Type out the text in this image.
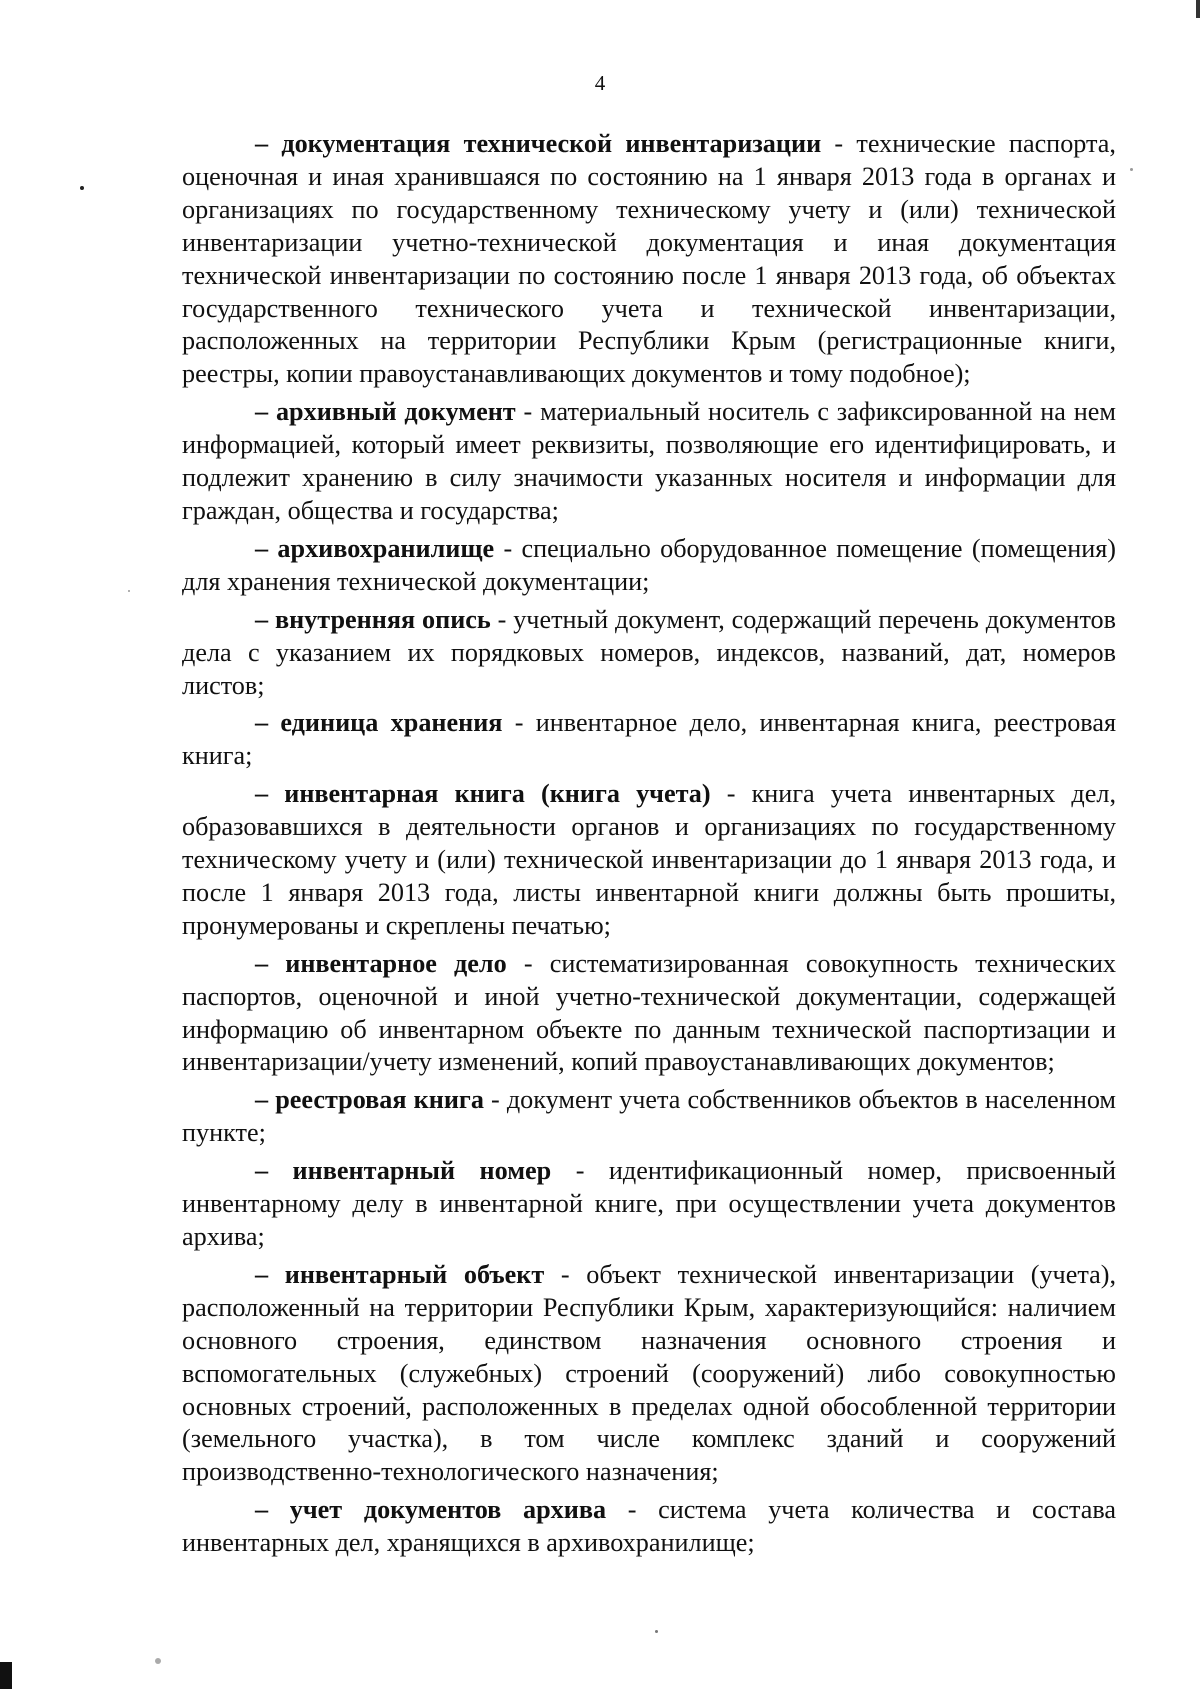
4

– документация технической инвентаризации - технические паспорта, оценочная и иная хранившаяся по состоянию на 1 января 2013 года в органах и организациях по государственному техническому учету и (или) технической инвентаризации учетно-технической документация и иная документация технической инвентаризации по состоянию после 1 января 2013 года, об объектах государственного технического учета и технической инвентаризации, расположенных на территории Республики Крым (регистрационные книги, реестры, копии правоустанавливающих документов и тому подобное);

– архивный документ - материальный носитель с зафиксированной на нем информацией, который имеет реквизиты, позволяющие его идентифицировать, и подлежит хранению в силу значимости указанных носителя и информации для граждан, общества и государства;

– архивохранилище - специально оборудованное помещение (помещения) для хранения технической документации;

– внутренняя опись - учетный документ, содержащий перечень документов дела с указанием их порядковых номеров, индексов, названий, дат, номеров листов;

– единица хранения - инвентарное дело, инвентарная книга, реестровая книга;

– инвентарная книга (книга учета) - книга учета инвентарных дел, образовавшихся в деятельности органов и организациях по государственному техническому учету и (или) технической инвентаризации до 1 января 2013 года, и после 1 января 2013 года, листы инвентарной книги должны быть прошиты, пронумерованы и скреплены печатью;

– инвентарное дело - систематизированная совокупность технических паспортов, оценочной и иной учетно-технической документации, содержащей информацию об инвентарном объекте по данным технической паспортизации и инвентаризации/учету изменений, копий правоустанавливающих документов;

– реестровая книга - документ учета собственников объектов в населенном пункте;

– инвентарный номер - идентификационный номер, присвоенный инвентарному делу в инвентарной книге, при осуществлении учета документов архива;

– инвентарный объект - объект технической инвентаризации (учета), расположенный на территории Республики Крым, характеризующийся: наличием основного строения, единством назначения основного строения и вспомогательных (служебных) строений (сооружений) либо совокупностью основных строений, расположенных в пределах одной обособленной территории (земельного участка), в том числе комплекс зданий и сооружений производственно-технологического назначения;

– учет документов архива - система учета количества и состава инвентарных дел, хранящихся в архивохранилище;
